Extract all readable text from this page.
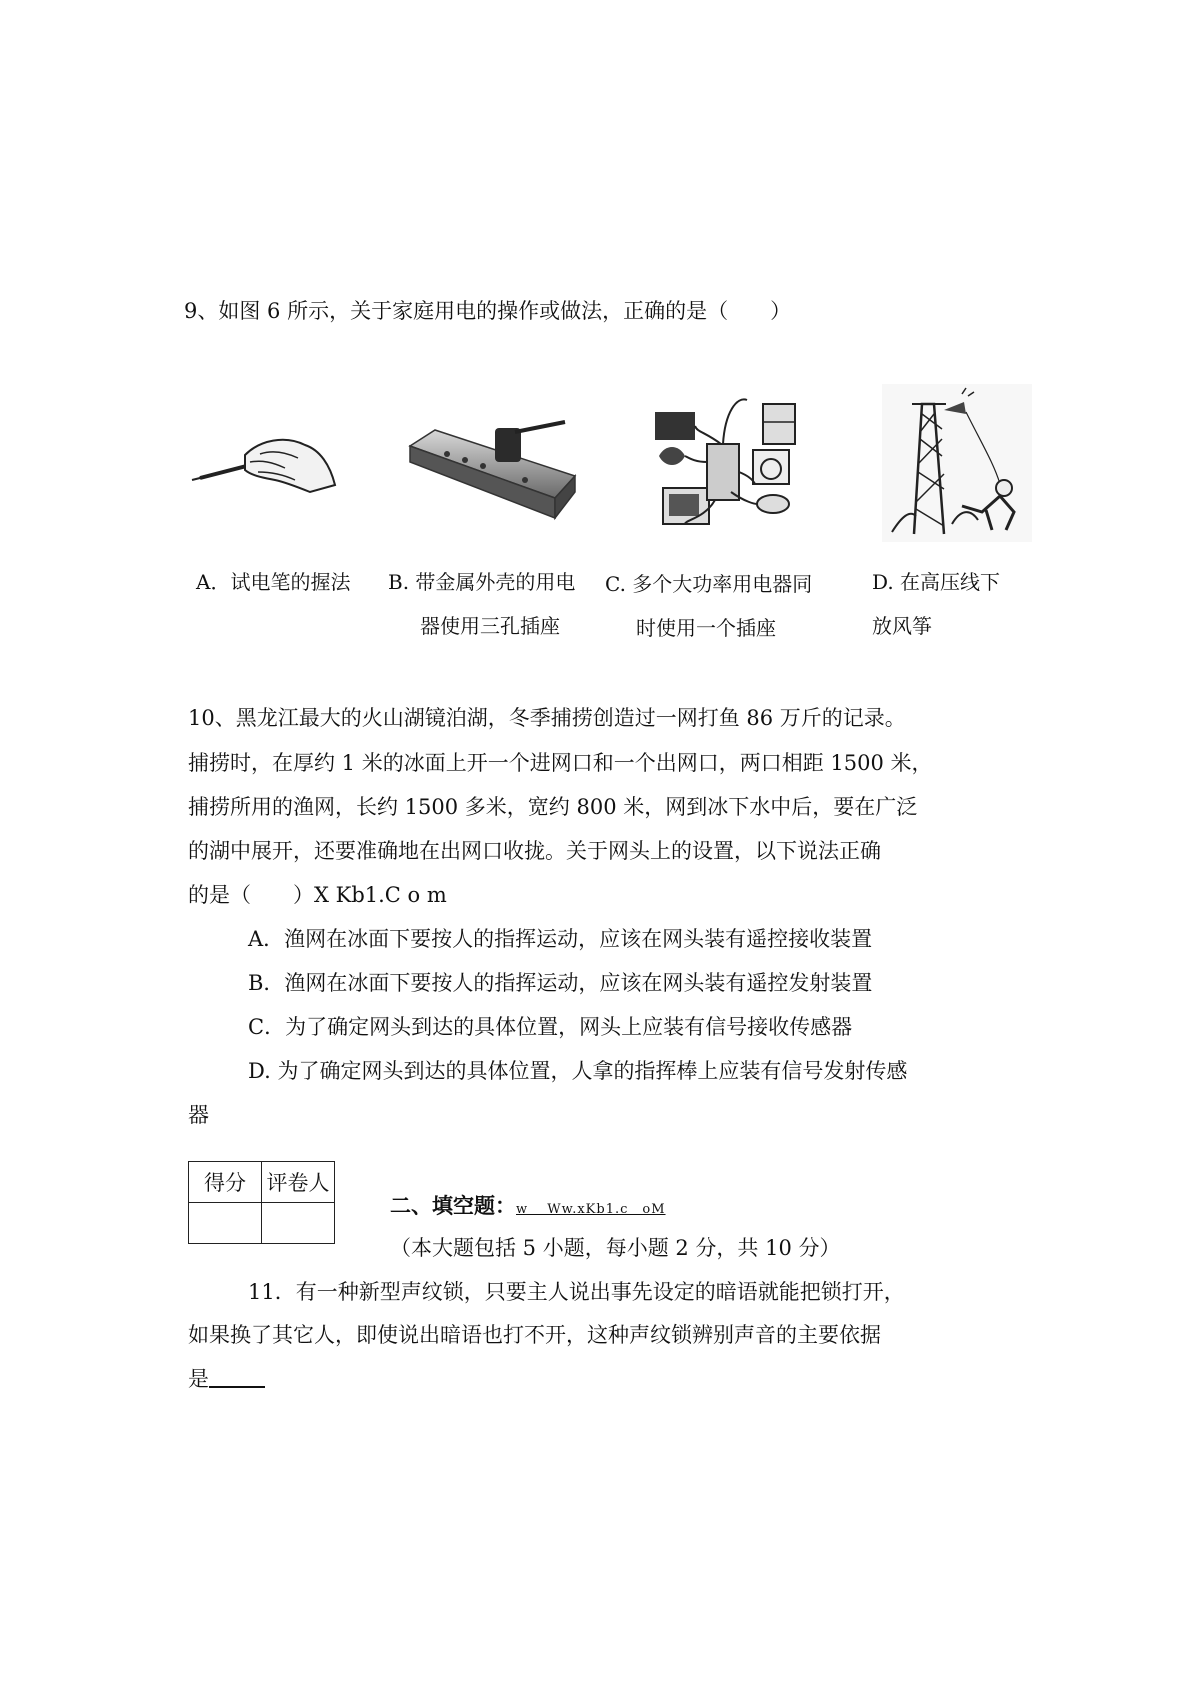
9、如图 6 所示，关于家庭用电的操作或做法，正确的是（　　）
A．试电笔的握法 B. 带金属外壳的用电
器使用三孔插座
C. 多个大功率用电器同
时使用一个插座
D. 在高压线下
放风筝
10、黑龙江最大的火山湖镜泊湖，冬季捕捞创造过一网打鱼 86 万斤的记录。
捕捞时，在厚约 1 米的冰面上开一个进网口和一个出网口，两口相距 1500 米，
捕捞所用的渔网，长约 1500 多米，宽约 800 米，网到冰下水中后，要在广泛
的湖中展开，还要准确地在出网口收拢。关于网头上的设置，以下说法正确
的是（　　）X Kb1.C o m
A．渔网在冰面下要按人的指挥运动，应该在网头装有遥控接收装置
B．渔网在冰面下要按人的指挥运动，应该在网头装有遥控发射装置
C．为了确定网头到达的具体位置，网头上应装有信号接收传感器
D. 为了确定网头到达的具体位置，人拿的指挥棒上应装有信号发射传感
器
得分	评卷人

二、填空题：w　 Ww.xKb1.c　oM
（本大题包括 5 小题，每小题 2 分，共 10 分）
11．有一种新型声纹锁，只要主人说出事先设定的暗语就能把锁打开，
如果换了其它人，即使说出暗语也打不开，这种声纹锁辨别声音的主要依据
是
